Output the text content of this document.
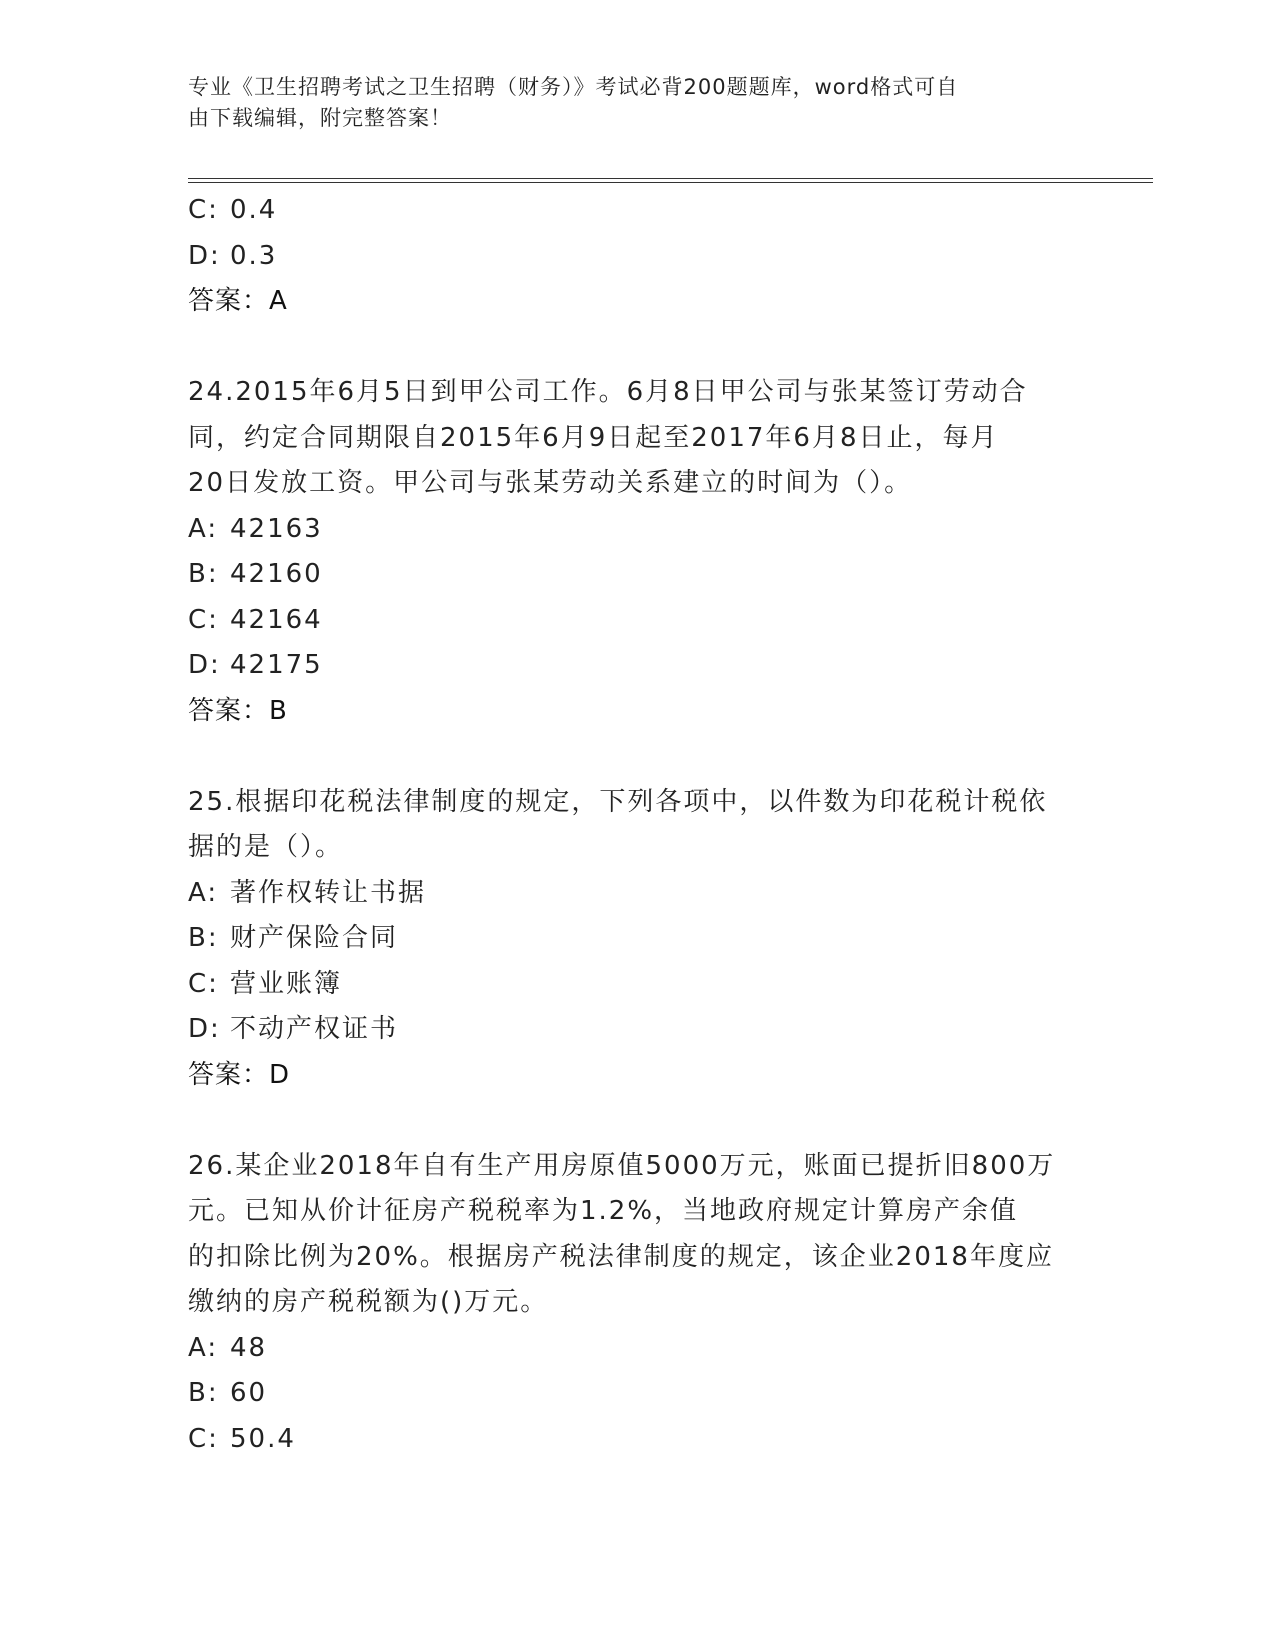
专业《卫生招聘考试之卫生招聘（财务）》考试必背200题题库，word格式可自
由下载编辑，附完整答案！
C: 0.4
D: 0.3
答案：A
24.2015年6月5日到甲公司工作。6月8日甲公司与张某签订劳动合
同，约定合同期限自2015年6月9日起至2017年6月8日止，每月
20日发放工资。甲公司与张某劳动关系建立的时间为（）。
A: 42163
B: 42160
C: 42164
D: 42175
答案：B
25.根据印花税法律制度的规定，下列各项中，以件数为印花税计税依
据的是（）。
A: 著作权转让书据
B: 财产保险合同
C: 营业账簿
D: 不动产权证书
答案：D
26.某企业2018年自有生产用房原值5000万元，账面已提折旧800万
元。已知从价计征房产税税率为1.2%，当地政府规定计算房产余值
的扣除比例为20%。根据房产税法律制度的规定，该企业2018年度应
缴纳的房产税税额为()万元。
A: 48
B: 60
C: 50.4
